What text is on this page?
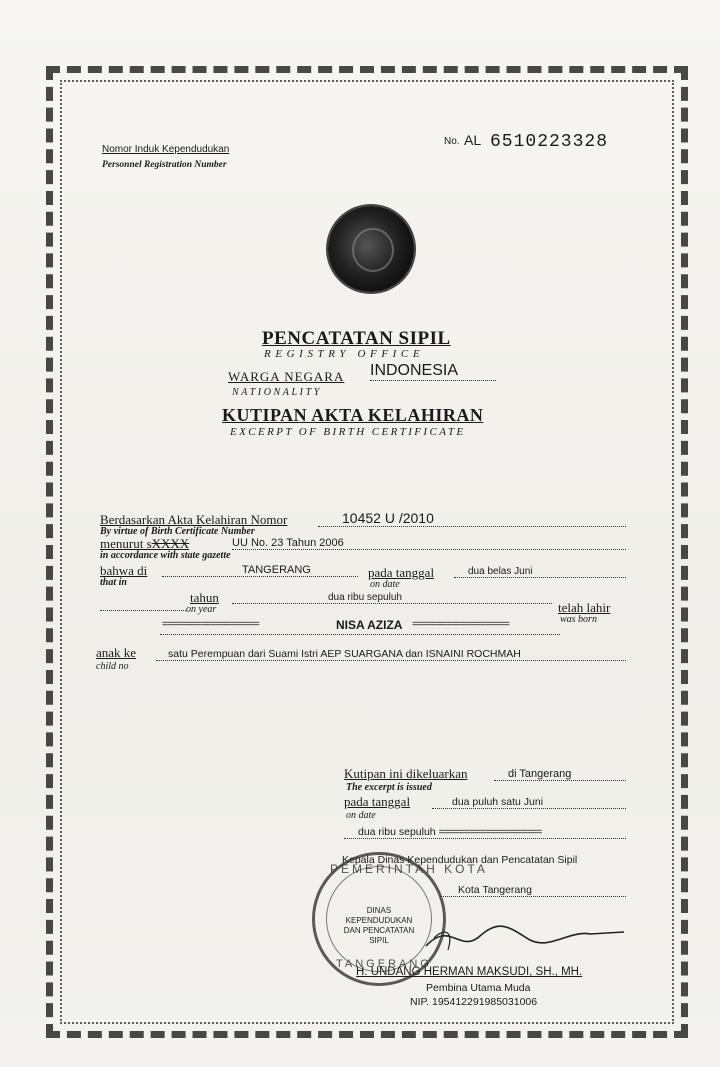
Nomor Induk Kependudukan
Personnel Registration Number
No. AL 6510223328
PENCATATAN SIPIL
REGISTRY OFFICE
WARGA NEGARA
NATIONALITY
INDONESIA
KUTIPAN AKTA KELAHIRAN
EXCERPT OF BIRTH CERTIFICATE
Berdasarkan Akta Kelahiran Nomor
By virtue of Birth Certificate Number
10452 U /2010
menurut sXXXX
in accordance with state gazette
UU No. 23 Tahun 2006
bahwa di
that in
TANGERANG	pada tanggal
on date
dua belas Juni
tahun
on year
dua ribu sepuluh
telah lahir
was born
====================	NISA AZIZA ====================
anak ke
child no
satu Perempuan dari Suami Istri AEP SUARGANA dan ISNAINI ROCHMAH
Kutipan ini dikeluarkan
The excerpt is issued
di Tangerang
pada tanggal
on date
dua puluh satu Juni
dua ribu sepuluh ====================
Kepala Dinas Kependudukan dan Pencatatan Sipil
Kota Tangerang
PEMERINTAH KOTA
DINAS KEPENDUDUKAN DAN PENCATATAN SIPIL
TANGERANG
H. UNDANG HERMAN MAKSUDI, SH., MH.
Pembina Utama Muda
NIP. 195412291985031006
